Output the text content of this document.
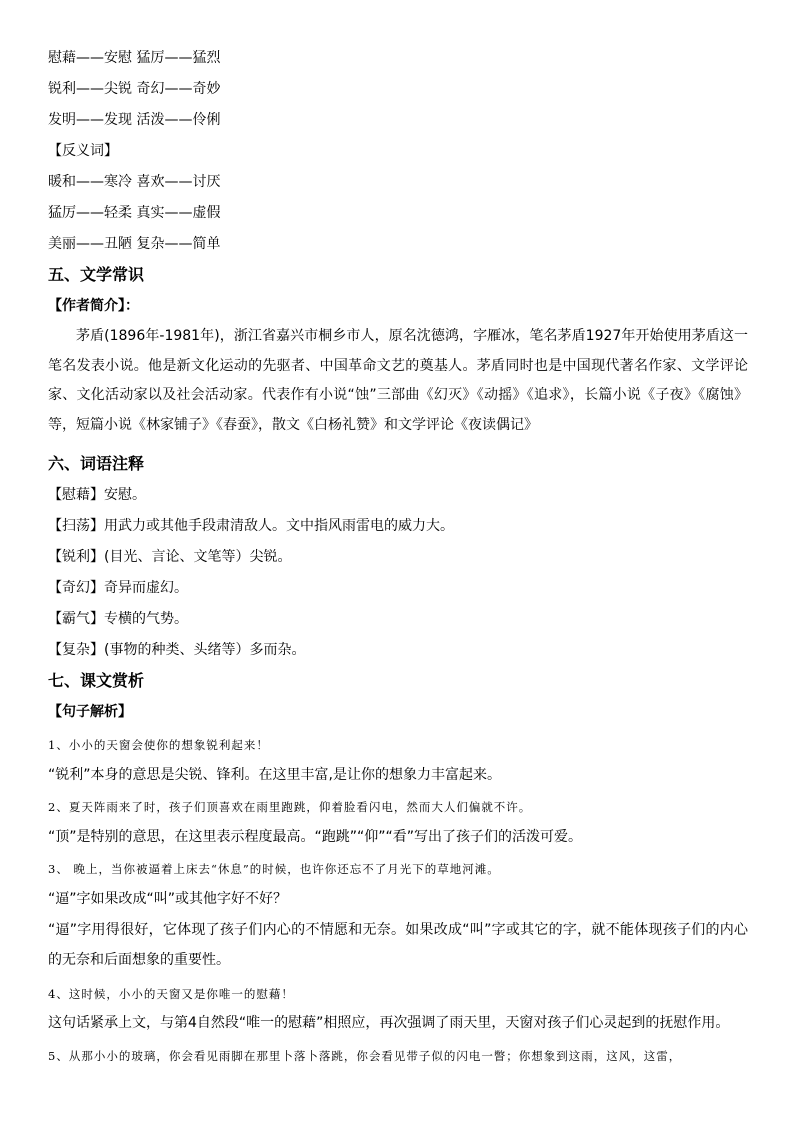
慰藉——安慰 猛厉——猛烈
锐利——尖锐 奇幻——奇妙
发明——发现 活泼——伶俐
【反义词】
暖和——寒冷 喜欢——讨厌
猛厉——轻柔 真实——虚假
美丽——丑陋 复杂——简单
五、文学常识
【作者简介】：

茅盾(1896年-1981年)，浙江省嘉兴市桐乡市人，原名沈德鸿，字雁冰，笔名茅盾1927年开始使用茅盾这一笔名发表小说。他是新文化运动的先驱者、中国革命文艺的奠基人。茅盾同时也是中国现代著名作家、文学评论家、文化活动家以及社会活动家。代表作有小说“蚀”三部曲《幻灭》《动摇》《追求》，长篇小说《子夜》《腐蚀》等，短篇小说《林家铺子》《春蚕》，散文《白杨礼赞》和文学评论《夜读偶记》

六、词语注释
【慰藉】安慰。
【扫荡】用武力或其他手段肃清敌人。文中指风雨雷电的威力大。
【锐利】(目光、言论、文笔等）尖锐。
【奇幻】奇异而虚幻。
【霸气】专横的气势。
【复杂】(事物的种类、头绪等）多而杂。
七、课文赏析
【句子解析】
1、小小的天窗会使你的想象锐利起来！
“锐利”本身的意思是尖锐、锋利。在这里丰富,是让你的想象力丰富起来。
2、夏天阵雨来了时，孩子们顶喜欢在雨里跑跳，仰着脸看闪电，然而大人们偏就不许。
“顶”是特别的意思，在这里表示程度最高。“跑跳”“仰”“看”写出了孩子们的活泼可爱。
3、 晚上，当你被逼着上床去“休息”的时候，也许你还忘不了月光下的草地河滩。
“逼”字如果改成“叫”或其他字好不好？

“逼”字用得很好，它体现了孩子们内心的不情愿和无奈。如果改成“叫”字或其它的字，就不能体现孩子们的内心的无奈和后面想象的重要性。

4、这时候，小小的天窗又是你唯一的慰藉！
这句话紧承上文，与第4自然段“唯一的慰藉”相照应，再次强调了雨天里，天窗对孩子们心灵起到的抚慰作用。
5、从那小小的玻璃，你会看见雨脚在那里卜落卜落跳，你会看见带子似的闪电一瞥；你想象到这雨，这风，这雷，
